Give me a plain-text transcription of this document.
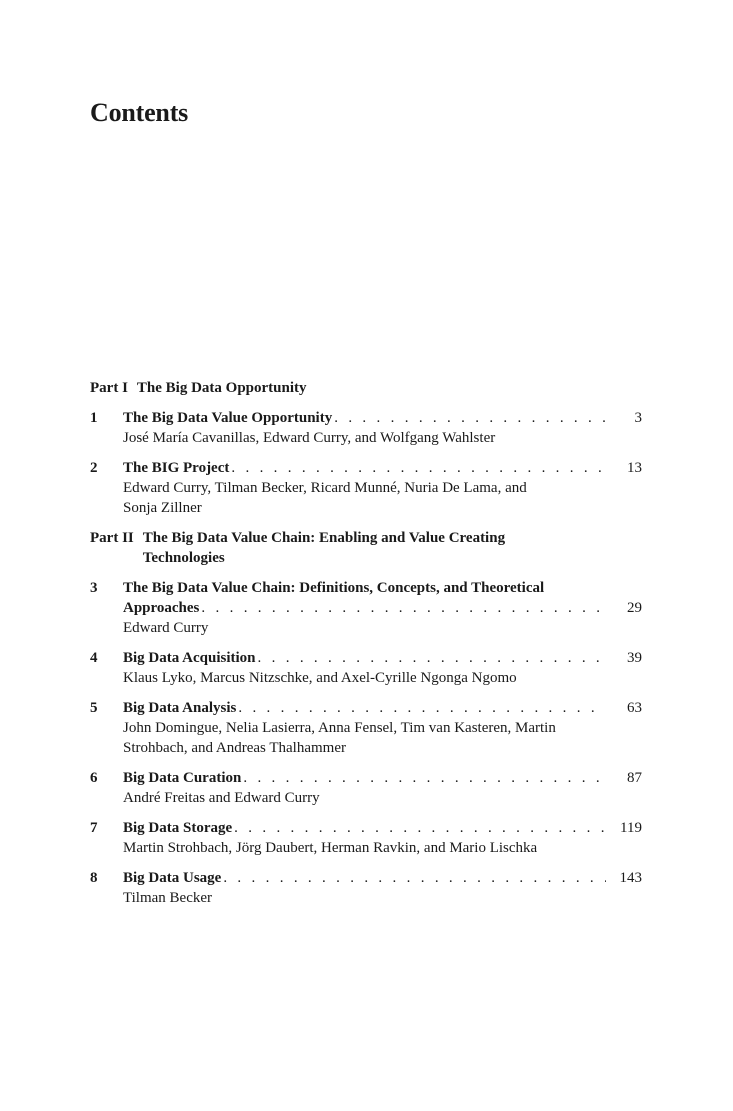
Contents
Part I The Big Data Opportunity
1	The Big Data Value Opportunity . . .	3
José María Cavanillas, Edward Curry, and Wolfgang Wahlster
2	The BIG Project . . .	13
Edward Curry, Tilman Becker, Ricard Munné, Nuria De Lama, and Sonja Zillner
Part II The Big Data Value Chain: Enabling and Value Creating Technologies
3	The Big Data Value Chain: Definitions, Concepts, and Theoretical
Approaches . . .	29
Edward Curry
4	Big Data Acquisition . . .	39
Klaus Lyko, Marcus Nitzschke, and Axel-Cyrille Ngonga Ngomo
5	Big Data Analysis . . .	63
John Domingue, Nelia Lasierra, Anna Fensel, Tim van Kasteren, Martin Strohbach, and Andreas Thalhammer
6	Big Data Curation . . .	87
André Freitas and Edward Curry
7	Big Data Storage . . .	119
Martin Strohbach, Jörg Daubert, Herman Ravkin, and Mario Lischka
8	Big Data Usage . . .	143
Tilman Becker
